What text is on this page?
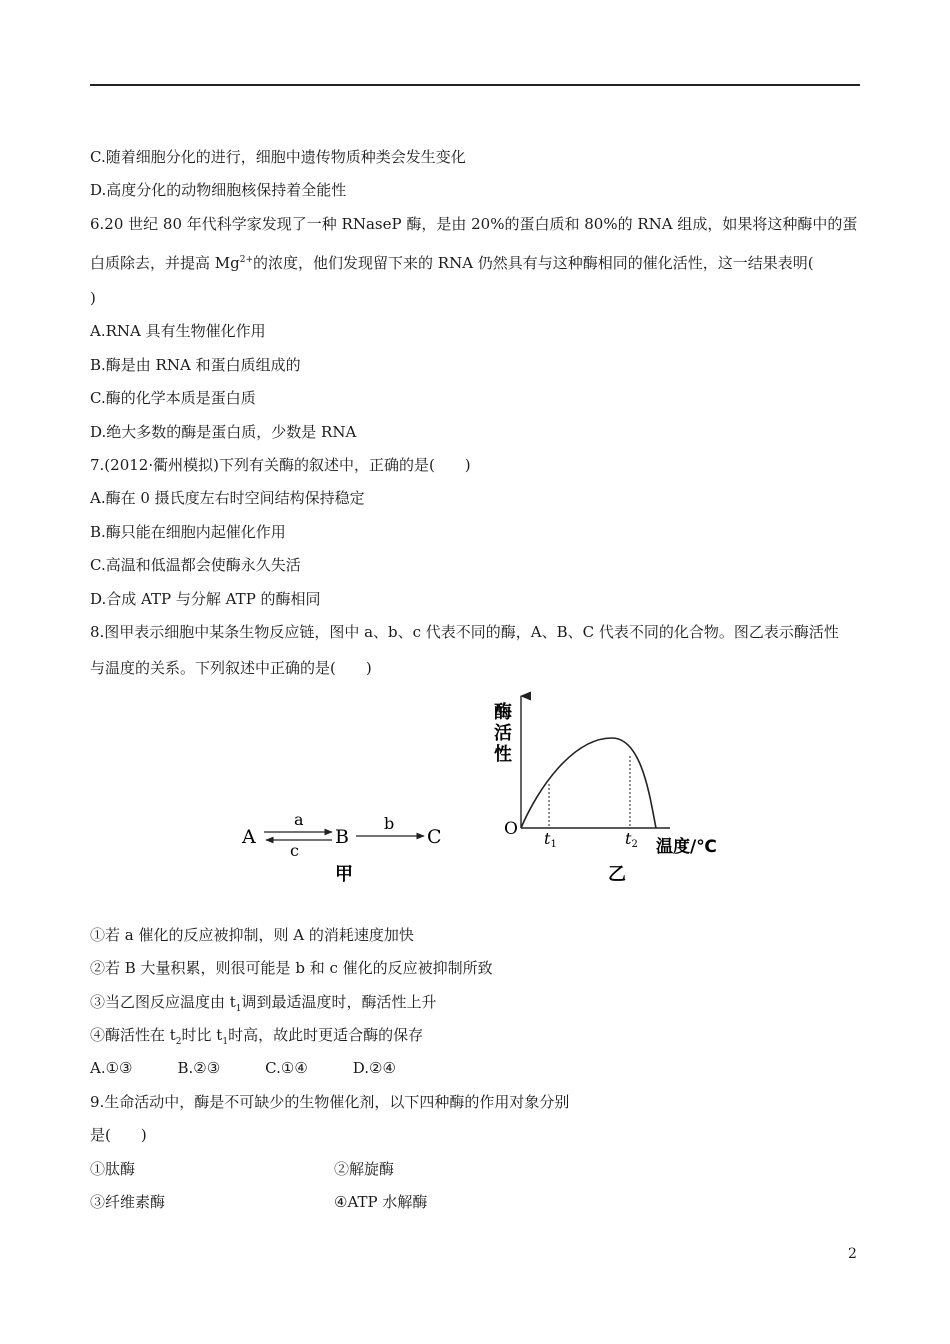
C.随着细胞分化的进行，细胞中遗传物质种类会发生变化
D.高度分化的动物细胞核保持着全能性
6.20 世纪 80 年代科学家发现了一种 RNaseP 酶，是由 20%的蛋白质和 80%的 RNA 组成，如果将这种酶中的蛋
白质除去，并提高 $Mg^{2+}$的浓度，他们发现留下来的 RNA 仍然具有与这种酶相同的催化活性，这一结果表明(
)
A.RNA 具有生物催化作用
B.酶是由 RNA 和蛋白质组成的
C.酶的化学本质是蛋白质
D.绝大多数的酶是蛋白质，少数是 RNA
7.(2012·衢州模拟)下列有关酶的叙述中，正确的是(　　)
A.酶在 0 摄氏度左右时空间结构保持稳定
B.酶只能在细胞内起催化作用
C.高温和低温都会使酶永久失活
D.合成 ATP 与分解 ATP 的酶相同
8.图甲表示细胞中某条生物反应链，图中 a、b、c 代表不同的酶，A、B、C 代表不同的化合物。图乙表示酶活性
与温度的关系。下列叙述中正确的是(　　)
A
a
c
B
b
C
甲
酶
活
性
O t1	t2 温度/℃
乙
①若 a 催化的反应被抑制，则 A 的消耗速度加快
②若 B 大量积累，则很可能是 b 和 c 催化的反应被抑制所致
③当乙图反应温度由 $t_1$调到最适温度时，酶活性上升
④酶活性在 $t_2$时比 $t_1$时高，故此时更适合酶的保存
A.①③　　　B.②③　　　C.①④　　　D.②④
9.生命活动中，酶是不可缺少的生物催化剂，以下四种酶的作用对象分别
是(　　)
①肽酶	②解旋酶
③纤维素酶	④ATP 水解酶
2
